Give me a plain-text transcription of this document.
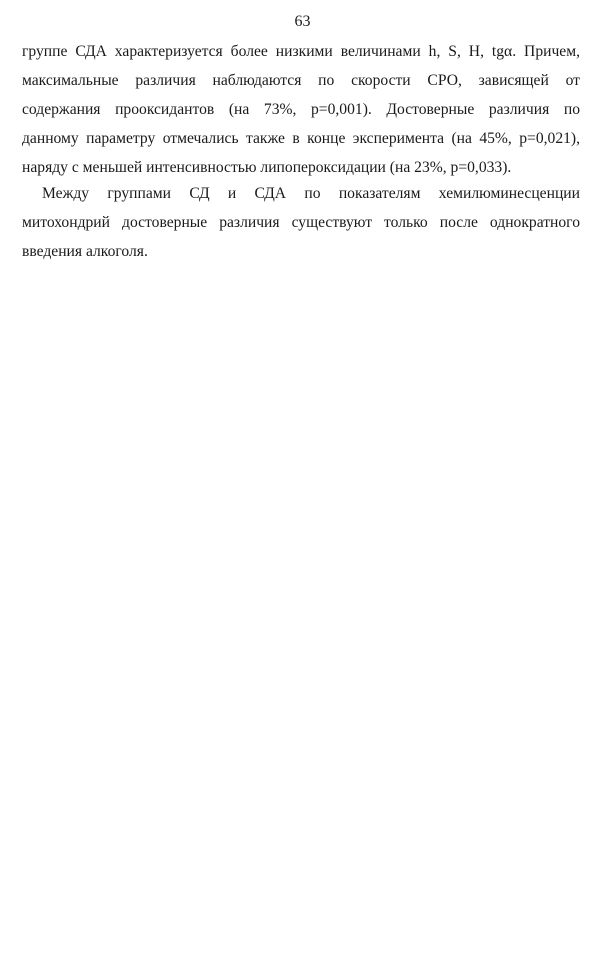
63
группе СДА характеризуется более низкими величинами h, S, H, tgα. Причем,
максимальные различия наблюдаются по скорости СРО, зависящей от
содержания прооксидантов (на 73%, р=0,001). Достоверные различия по
данному параметру отмечались также в конце эксперимента (на 45%, р=0,021),
наряду с меньшей интенсивностью липопероксидации (на 23%, р=0,033).
Между группами СД и СДА по показателям хемилюминесценции
митохондрий достоверные различия существуют только после однократного
введения алкоголя.
